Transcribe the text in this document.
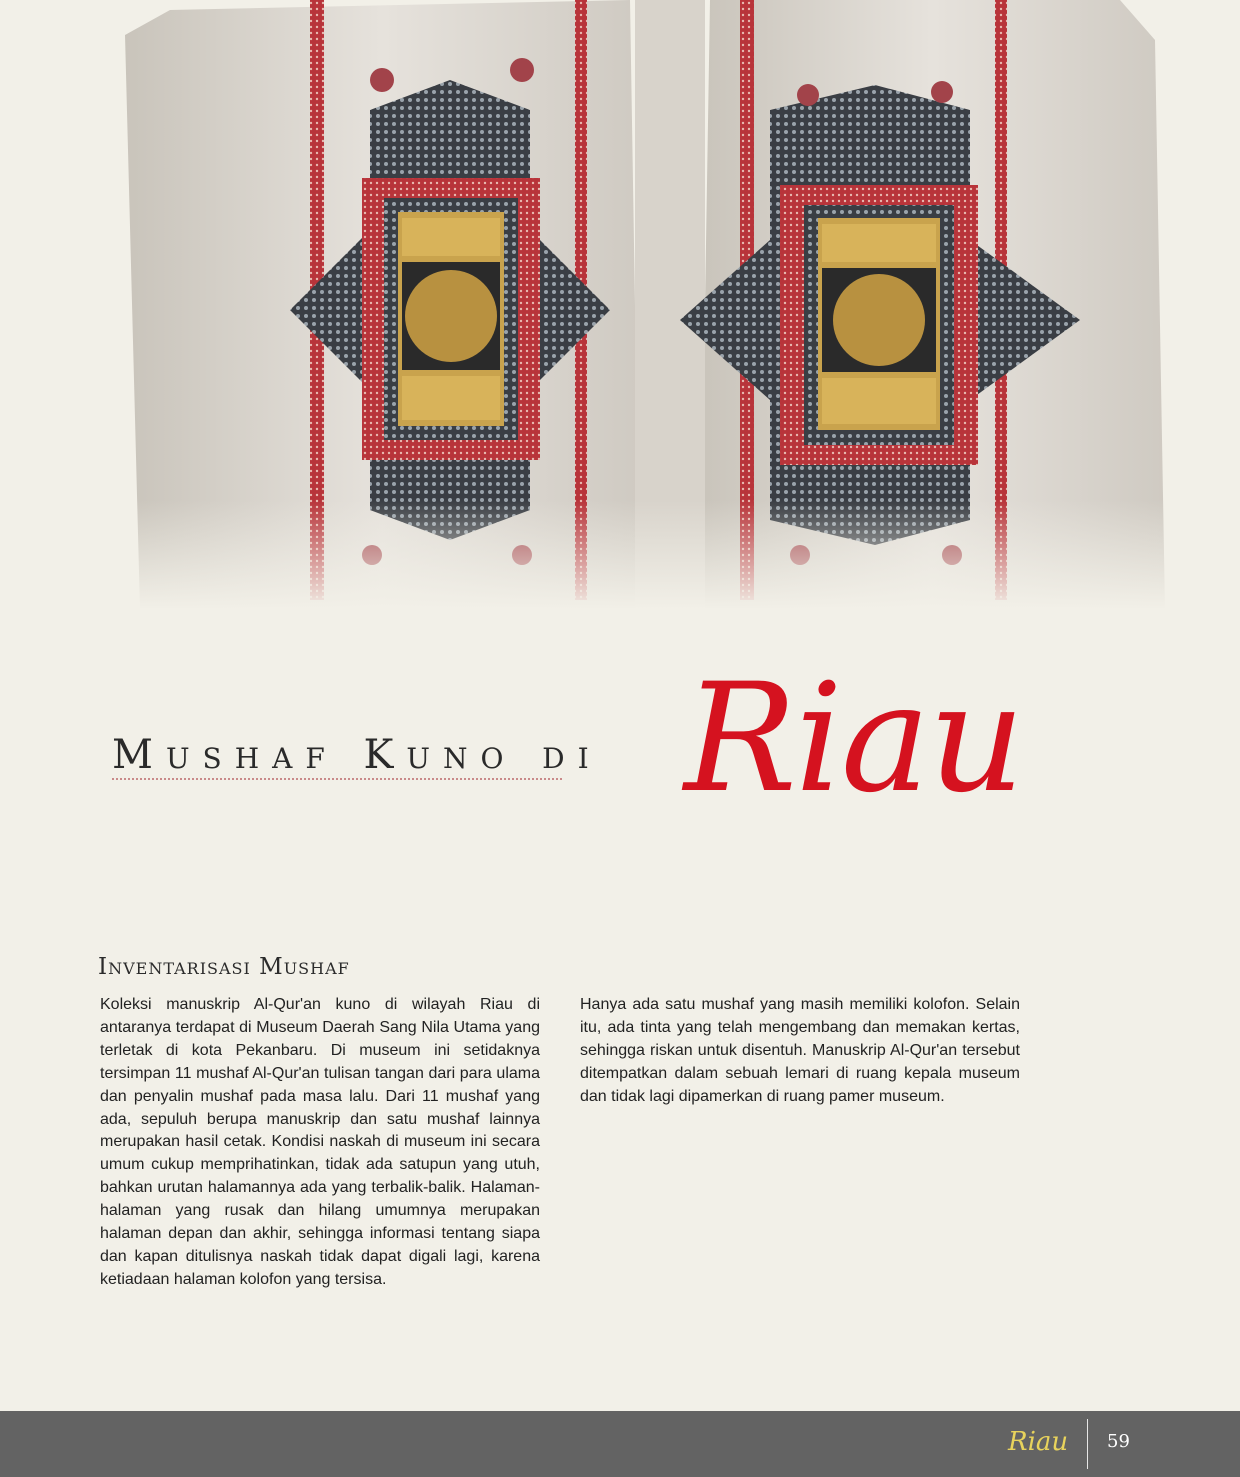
Mushaf Kuno di Riau
Inventarisasi Mushaf

Koleksi manuskrip Al-Qur'an kuno di wilayah Riau di antaranya terdapat di Museum Daerah Sang Nila Utama yang terletak di kota Pekanbaru. Di museum ini setidaknya tersimpan 11 mushaf Al-Qur'an tulisan tangan dari para ulama dan penyalin mushaf pada masa lalu. Dari 11 mushaf yang ada, sepuluh berupa manuskrip dan satu mushaf lainnya merupakan hasil cetak. Kondisi naskah di museum ini secara umum cukup memprihatinkan, tidak ada satupun yang utuh, bahkan urutan halamannya ada yang terbalik-balik. Halaman-halaman yang rusak dan hilang umumnya merupakan halaman depan dan akhir, sehingga informasi tentang siapa dan kapan ditulisnya naskah tidak dapat digali lagi, karena ketiadaan halaman kolofon yang tersisa.

Hanya ada satu mushaf yang masih memiliki kolofon. Selain itu, ada tinta yang telah mengembang dan memakan kertas, sehingga riskan untuk disentuh. Manuskrip Al-Qur'an tersebut ditempatkan dalam sebuah lemari di ruang kepala museum dan tidak lagi dipamerkan di ruang pamer museum.

Riau 59
